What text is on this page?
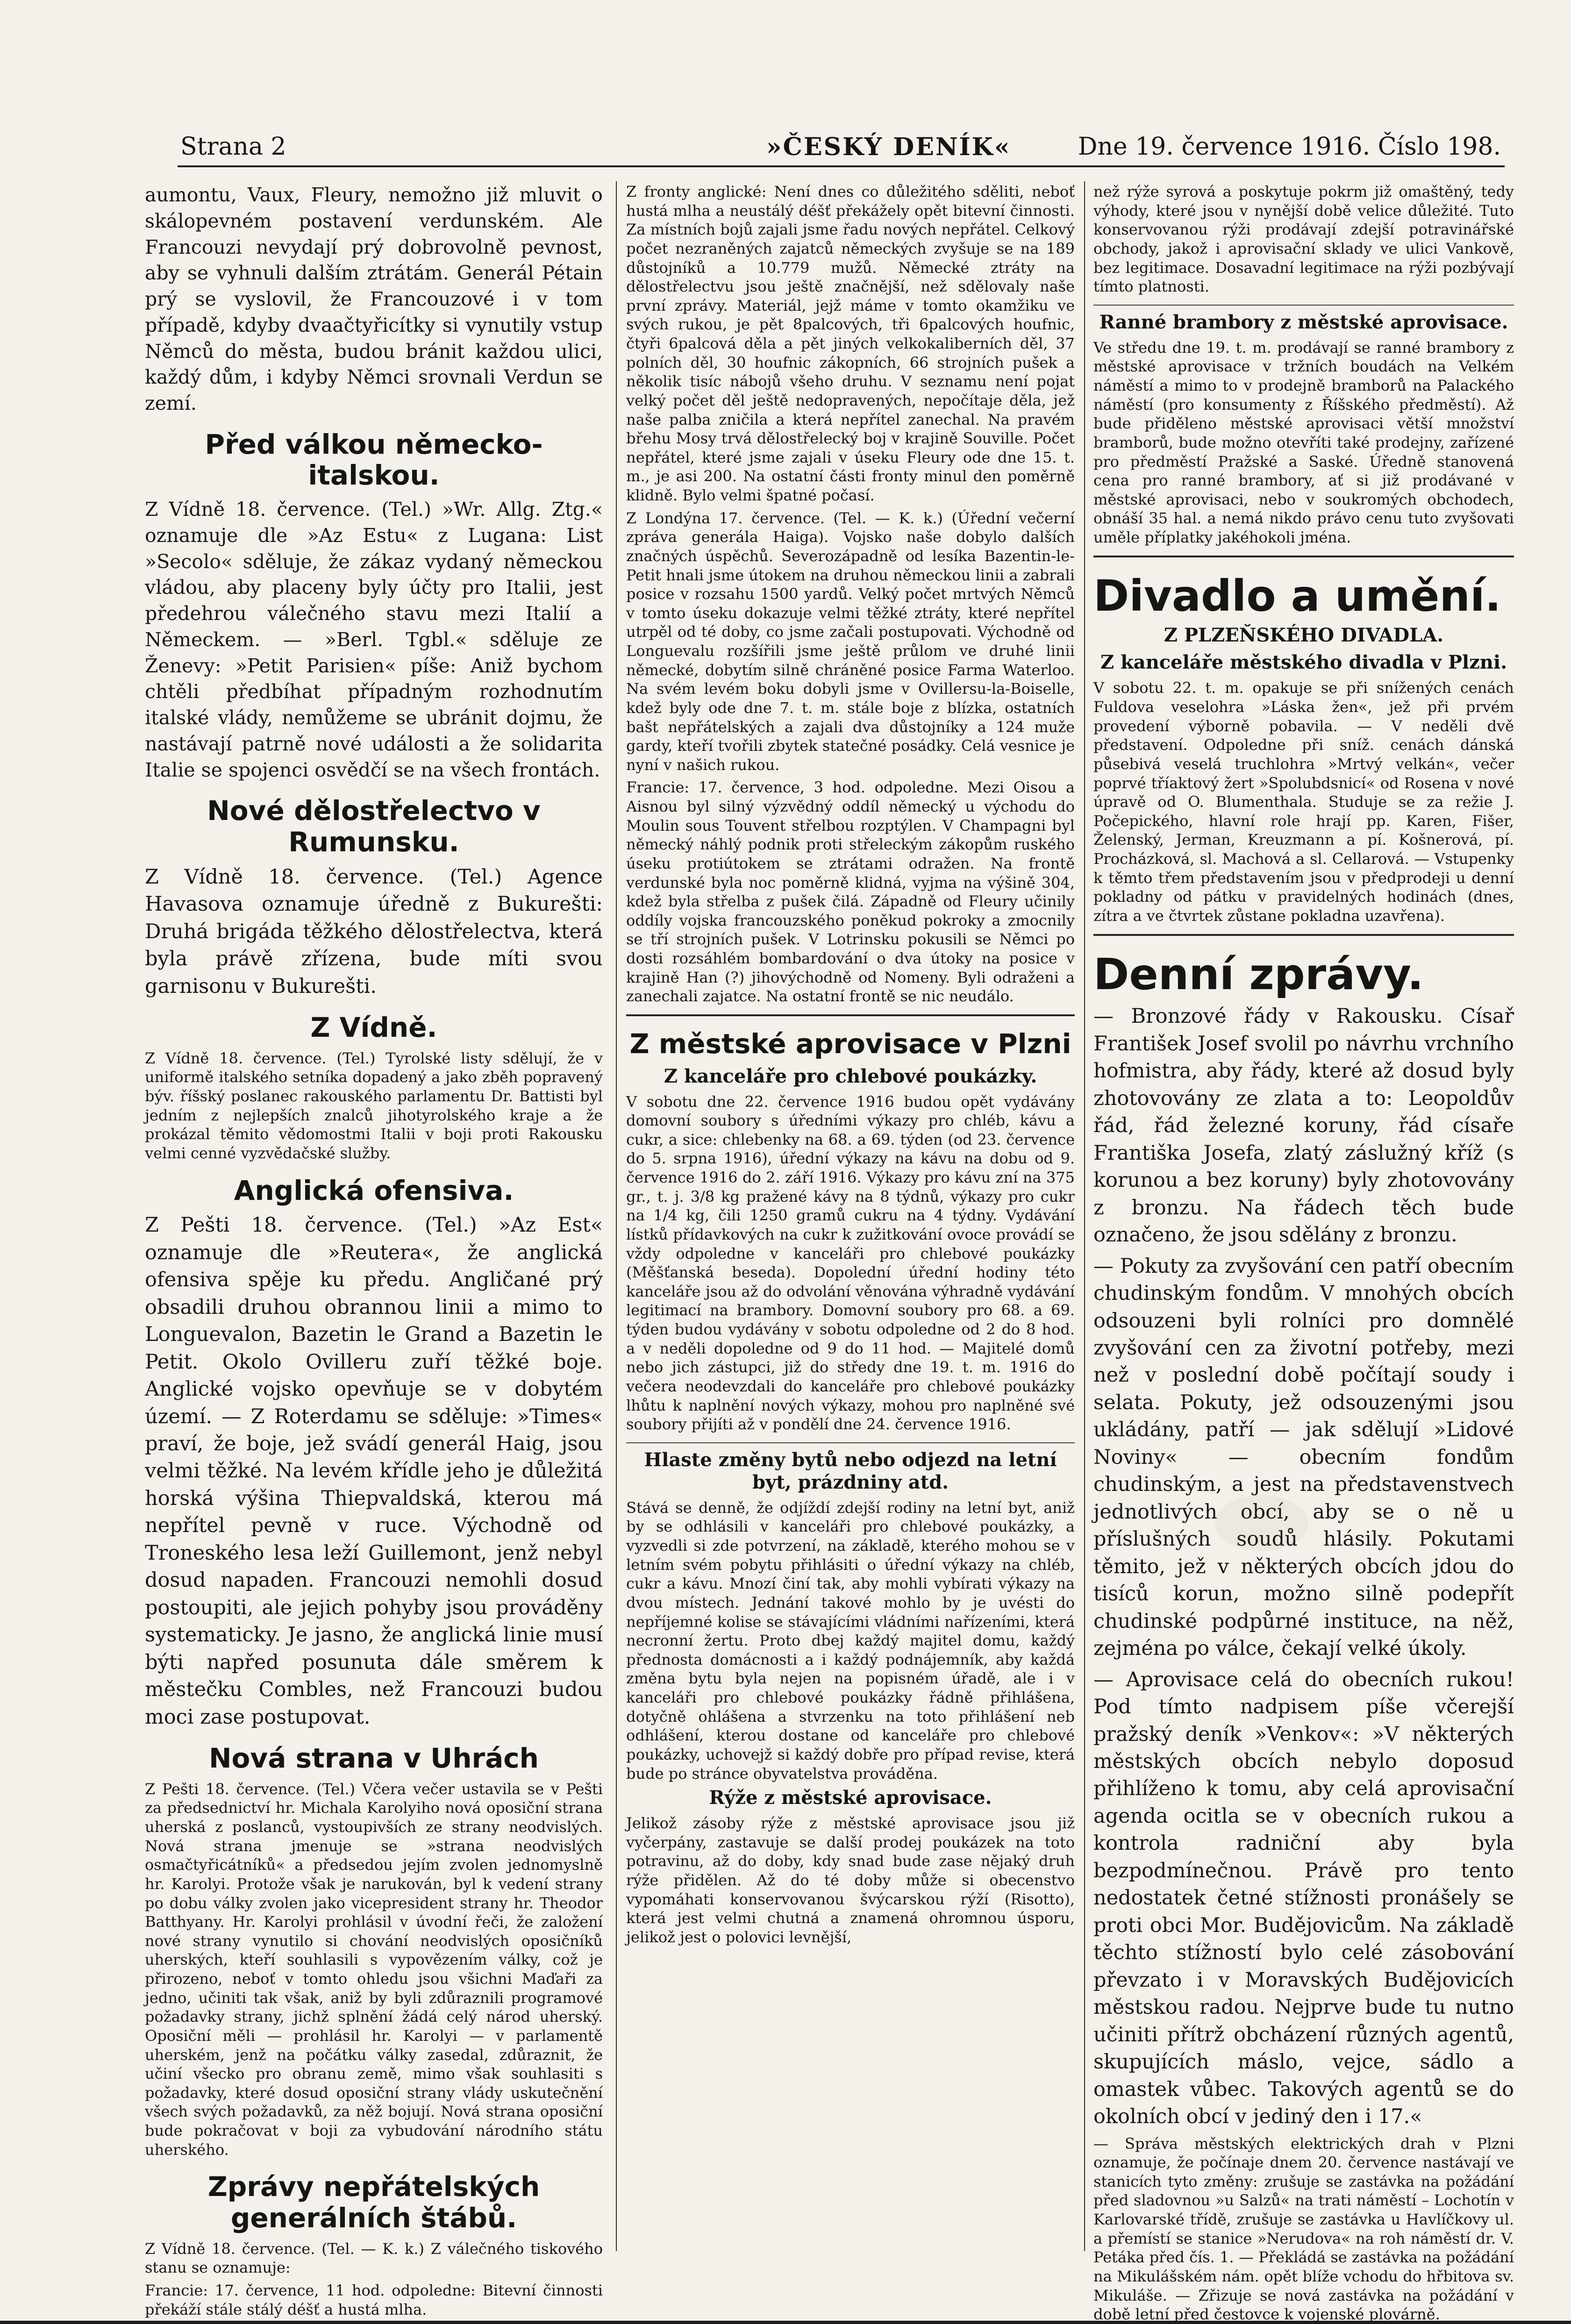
Strana 2	»ČESKÝ DENÍK«	Dne 19. července 1916. Číslo 198.

aumontu, Vaux, Fleury, nemožno již mluvit o skálopevném postavení verdunském. Ale Francouzi nevydají prý dobrovolně pevnost, aby se vyhnuli dalším ztrátám. Generál Pétain prý se vyslovil, že Francouzové i v tom případě, kdyby dvaačtyřicítky si vynutily vstup Němců do města, budou bránit každou ulici, každý dům, i kdyby Němci srovnali Verdun se zemí.

Před válkou německo-italskou.

Z Vídně 18. července. (Tel.) »Wr. Allg. Ztg.« oznamuje dle »Az Estu« z Lugana: List »Secolo« sděluje, že zákaz vydaný německou vládou, aby placeny byly účty pro Italii, jest předehrou válečného stavu mezi Italií a Německem. — »Berl. Tgbl.« sděluje ze Ženevy: »Petit Parisien« píše: Aniž bychom chtěli předbíhat případným rozhodnutím italské vlády, nemůžeme se ubránit dojmu, že nastávají patrně nové události a že solidarita Italie se spojenci osvědčí se na všech frontách.

Nové dělostřelectvo v Rumunsku.

Z Vídně 18. července. (Tel.) Agence Havasova oznamuje úředně z Bukurešti: Druhá brigáda těžkého dělostřelectva, která byla právě zřízena, bude míti svou garnisonu v Bukurešti.

Z Vídně.

Z Vídně 18. července. (Tel.) Tyrolské listy sdělují, že v uniformě italského setníka dopadený a jako zběh popravený býv. říšský poslanec rakouského parlamentu Dr. Battisti byl jedním z nejlepších znalců jihotyrolského kraje a že prokázal těmito vědomostmi Italii v boji proti Rakousku velmi cenné vyzvědačské služby.

Anglická ofensiva.

Z Pešti 18. července. (Tel.) »Az Est« oznamuje dle »Reutera«, že anglická ofensiva spěje ku předu. Angličané prý obsadili druhou obrannou linii a mimo to Longuevalon, Bazetin le Grand a Bazetin le Petit. Okolo Ovilleru zuří těžké boje. Anglické vojsko opevňuje se v dobytém území. — Z Roterdamu se sděluje: »Times« praví, že boje, jež svádí generál Haig, jsou velmi těžké. Na levém křídle jeho je důležitá horská výšina Thiepvaldská, kterou má nepřítel pevně v ruce. Východně od Troneského lesa leží Guillemont, jenž nebyl dosud napaden. Francouzi nemohli dosud postoupiti, ale jejich pohyby jsou prováděny systematicky. Je jasno, že anglická linie musí býti napřed posunuta dále směrem k městečku Combles, než Francouzi budou moci zase postupovat.

Nová strana v Uhrách

Z Pešti 18. července. (Tel.) Včera večer ustavila se v Pešti za předsednictví hr. Michala Karolyiho nová oposiční strana uherská z poslanců, vystoupivších ze strany neodvislých. Nová strana jmenuje se »strana neodvislých osmačtyřicátníků« a předsedou jejím zvolen jednomyslně hr. Karolyi. Protože však je narukován, byl k vedení strany po dobu války zvolen jako vicepresident strany hr. Theodor Batthyany. Hr. Karolyi prohlásil v úvodní řeči, že založení nové strany vynutilo si chování neodvislých oposičníků uherských, kteří souhlasili s vypovězením války, což je přirozeno, neboť v tomto ohledu jsou všichni Maďaři za jedno, učiniti tak však, aniž by byli zdůraznili programové požadavky strany, jichž splnění žádá celý národ uherský. Oposiční měli — prohlásil hr. Karolyi — v parlamentě uherském, jenž na počátku války zasedal, zdůraznit, že učiní všecko pro obranu země, mimo však souhlasiti s požadavky, které dosud oposiční strany vlády uskutečnění všech svých požadavků, za něž bojují. Nová strana oposiční bude pokračovat v boji za vybudování národního státu uherského.

Zprávy nepřátelských generálních štábů.

Z Vídně 18. července. (Tel. — K. k.) Z válečného tiskového stanu se oznamuje:

Francie: 17. července, 11 hod. odpoledne: Bitevní činnosti překáží stále stálý déšť a hustá mlha.

Z fronty anglické: Není dnes co důležitého sděliti, neboť hustá mlha a neustálý déšť překážely opět bitevní činnosti. Za místních bojů zajali jsme řadu nových nepřátel. Celkový počet nezraněných zajatců německých zvyšuje se na 189 důstojníků a 10.779 mužů. Německé ztráty na dělostřelectvu jsou ještě značnější, než sdělovaly naše první zprávy. Materiál, jejž máme v tomto okamžiku ve svých rukou, je pět 8palcových, tři 6palcových houfnic, čtyři 6palcová děla a pět jiných velkokaliberních děl, 37 polních děl, 30 houfnic zákopních, 66 strojních pušek a několik tisíc nábojů všeho druhu. V seznamu není pojat velký počet děl ještě nedopravených, nepočítaje děla, jež naše palba zničila a která nepřítel zanechal. Na pravém břehu Mosy trvá dělostřelecký boj v krajině Souville. Počet nepřátel, které jsme zajali v úseku Fleury ode dne 15. t. m., je asi 200. Na ostatní části fronty minul den poměrně klidně. Bylo velmi špatné počasí.

Z Londýna 17. července. (Tel. — K. k.) (Úřední večerní zpráva generála Haiga). Vojsko naše dobylo dalších značných úspěchů. Severozápadně od lesíka Bazentin-le-Petit hnali jsme útokem na druhou německou linii a zabrali posice v rozsahu 1500 yardů. Velký počet mrtvých Němců v tomto úseku dokazuje velmi těžké ztráty, které nepřítel utrpěl od té doby, co jsme začali postupovati. Východně od Longuevalu rozšířili jsme ještě průlom ve druhé linii německé, dobytím silně chráněné posice Farma Waterloo. Na svém levém boku dobyli jsme v Ovillersu-la-Boiselle, kdež byly ode dne 7. t. m. stále boje z blízka, ostatních bašt nepřátelských a zajali dva důstojníky a 124 muže gardy, kteří tvořili zbytek statečné posádky. Celá vesnice je nyní v našich rukou.

Francie: 17. července, 3 hod. odpoledne. Mezi Oisou a Aisnou byl silný výzvědný oddíl německý u východu do Moulin sous Touvent střelbou rozptýlen. V Champagni byl německý náhlý podnik proti střeleckým zákopům ruského úseku protiútokem se ztrátami odražen. Na frontě verdunské byla noc poměrně klidná, vyjma na výšině 304, kdež byla střelba z pušek čilá. Západně od Fleury učinily oddíly vojska francouzského poněkud pokroky a zmocnily se tří strojních pušek. V Lotrinsku pokusili se Němci po dosti rozsáhlém bombardování o dva útoky na posice v krajině Han (?) jihovýchodně od Nomeny. Byli odraženi a zanechali zajatce. Na ostatní frontě se nic neudálo.

Z městské aprovisace v Plzni
Z kanceláře pro chlebové poukázky.

V sobotu dne 22. července 1916 budou opět vydávány domovní soubory s úředními výkazy pro chléb, kávu a cukr, a sice: chlebenky na 68. a 69. týden (od 23. července do 5. srpna 1916), úřední výkazy na kávu na dobu od 9. července 1916 do 2. září 1916. Výkazy pro kávu zní na 375 gr., t. j. 3/8 kg pražené kávy na 8 týdnů, výkazy pro cukr na 1/4 kg, čili 1250 gramů cukru na 4 týdny. Vydávání lístků přídavkových na cukr k zužitkování ovoce provádí se vždy odpoledne v kanceláři pro chlebové poukázky (Měšťanská beseda). Dopolední úřední hodiny této kanceláře jsou až do odvolání věnována výhradně vydávání legitimací na brambory. Domovní soubory pro 68. a 69. týden budou vydávány v sobotu odpoledne od 2 do 8 hod. a v neděli dopoledne od 9 do 11 hod. — Majitelé domů nebo jich zástupci, již do středy dne 19. t. m. 1916 do večera neodevzdali do kanceláře pro chlebové poukázky lhůtu k naplnění nových výkazy, mohou pro naplněné své soubory přijíti až v pondělí dne 24. července 1916.

Hlaste změny bytů nebo odjezd na letní byt, prázdniny atd.

Stává se denně, že odjíždí zdejší rodiny na letní byt, aniž by se odhlásili v kanceláři pro chlebové poukázky, a vyzvedli si zde potvrzení, na základě, kterého mohou se v letním svém pobytu přihlásiti o úřední výkazy na chléb, cukr a kávu. Mnozí činí tak, aby mohli vybírati výkazy na dvou místech. Jednání takové mohlo by je uvésti do nepříjemné kolise se stávajícími vládními nařízeními, která necronní žertu. Proto dbej každý majitel domu, každý přednosta domácnosti a i každý podnájemník, aby každá změna bytu byla nejen na popisném úřadě, ale i v kanceláři pro chlebové poukázky řádně přihlášena, dotyčně ohlášena a stvrzenku na toto přihlášení neb odhlášení, kterou dostane od kanceláře pro chlebové poukázky, uchovejž si každý dobře pro případ revise, která bude po stránce obyvatelstva prováděna.

Rýže z městské aprovisace.

Jelikož zásoby rýže z městské aprovisace jsou již vyčerpány, zastavuje se další prodej poukázek na toto potravinu, až do doby, kdy snad bude zase nějaký druh rýže přidělen. Až do té doby může si obecenstvo vypomáhati konservovanou švýcarskou rýží (Risotto), která jest velmi chutná a znamená ohromnou úsporu, jelikož jest o polovici levnější,

než rýže syrová a poskytuje pokrm již omaštěný, tedy výhody, které jsou v nynější době velice důležité. Tuto konservovanou rýži prodávají zdejší potravinářské obchody, jakož i aprovisační sklady ve ulici Vankově, bez legitimace. Dosavadní legitimace na rýži pozbývají tímto platnosti.

Ranné brambory z městské aprovisace.

Ve středu dne 19. t. m. prodávají se ranné brambory z městské aprovisace v tržních boudách na Velkém náměstí a mimo to v prodejně bramborů na Palackého náměstí (pro konsumenty z Říšského předměstí). Až bude přiděleno městské aprovisaci větší množství bramborů, bude možno otevříti také prodejny, zařízené pro předměstí Pražské a Saské. Úředně stanovená cena pro ranné brambory, ať si již prodávané v městské aprovisaci, nebo v soukromých obchodech, obnáší 35 hal. a nemá nikdo právo cenu tuto zvyšovati uměle příplatky jakéhokoli jména.

Divadlo a umění.
Z PLZEŇSKÉHO DIVADLA.
Z kanceláře městského divadla v Plzni.

V sobotu 22. t. m. opakuje se při snížených cenách Fuldova veselohra »Láska žen«, jež při prvém provedení výborně pobavila. — V neděli dvě představení. Odpoledne při sníž. cenách dánská půsebivá veselá truchlohra »Mrtvý velkán«, večer poprvé tříaktový žert »Spolubdsnicí« od Rosena v nové úpravě od O. Blumenthala. Studuje se za režie J. Počepického, hlavní role hrají pp. Karen, Fišer, Želenský, Jerman, Kreuzmann a pí. Košnerová, pí. Procházková, sl. Machová a sl. Cellarová. — Vstupenky k těmto třem představením jsou v předprodeji u denní pokladny od pátku v pravidelných hodinách (dnes, zítra a ve čtvrtek zůstane pokladna uzavřena).

Denní zprávy.

— Bronzové řády v Rakousku. Císař František Josef svolil po návrhu vrchního hofmistra, aby řády, které až dosud byly zhotovovány ze zlata a to: Leopoldův řád, řád železné koruny, řád císaře Františka Josefa, zlatý záslužný kříž (s korunou a bez koruny) byly zhotovovány z bronzu. Na řádech těch bude označeno, že jsou sdělány z bronzu.

— Pokuty za zvyšování cen patří obecním chudinským fondům. V mnohých obcích odsouzeni byli rolníci pro domnělé zvyšování cen za životní potřeby, mezi než v poslední době počítají soudy i selata. Pokuty, jež odsouzenými jsou ukládány, patří — jak sdělují »Lidové Noviny« — obecním fondům chudinským, a jest na představenstvech jednotlivých obcí, aby se o ně u příslušných soudů hlásily. Pokutami těmito, jež v některých obcích jdou do tisíců korun, možno silně podepřít chudinské podpůrné instituce, na něž, zejména po válce, čekají velké úkoly.

— Aprovisace celá do obecních rukou! Pod tímto nadpisem píše včerejší pražský deník »Venkov«: »V některých městských obcích nebylo doposud přihlíženo k tomu, aby celá aprovisační agenda ocitla se v obecních rukou a kontrola radniční aby byla bezpodmínečnou. Právě pro tento nedostatek četné stížnosti pronášely se proti obci Mor. Budějovicům. Na základě těchto stížností bylo celé zásobování převzato i v Moravských Budějovicích městskou radou. Nejprve bude tu nutno učiniti přítrž obcházení různých agentů, skupujících máslo, vejce, sádlo a omastek vůbec. Takových agentů se do okolních obcí v jediný den i 17.«

— Správa městských elektrických drah v Plzni oznamuje, že počínaje dnem 20. července nastávají ve stanicích tyto změny: zrušuje se zastávka na požádání před sladovnou »u Salzů« na trati náměstí – Lochotín v Karlovarské třídě, zrušuje se zastávka u Havlíčkovy ul. a přemístí se stanice »Nerudova« na roh náměstí dr. V. Petáka před čís. 1. — Překládá se zastávka na požádání na Mikulášském nám. opět blíže vchodu do hřbitova sv. Mikuláše. — Zřizuje se nová zastávka na požádání v době letní před čestovce k vojenské plovárně.
